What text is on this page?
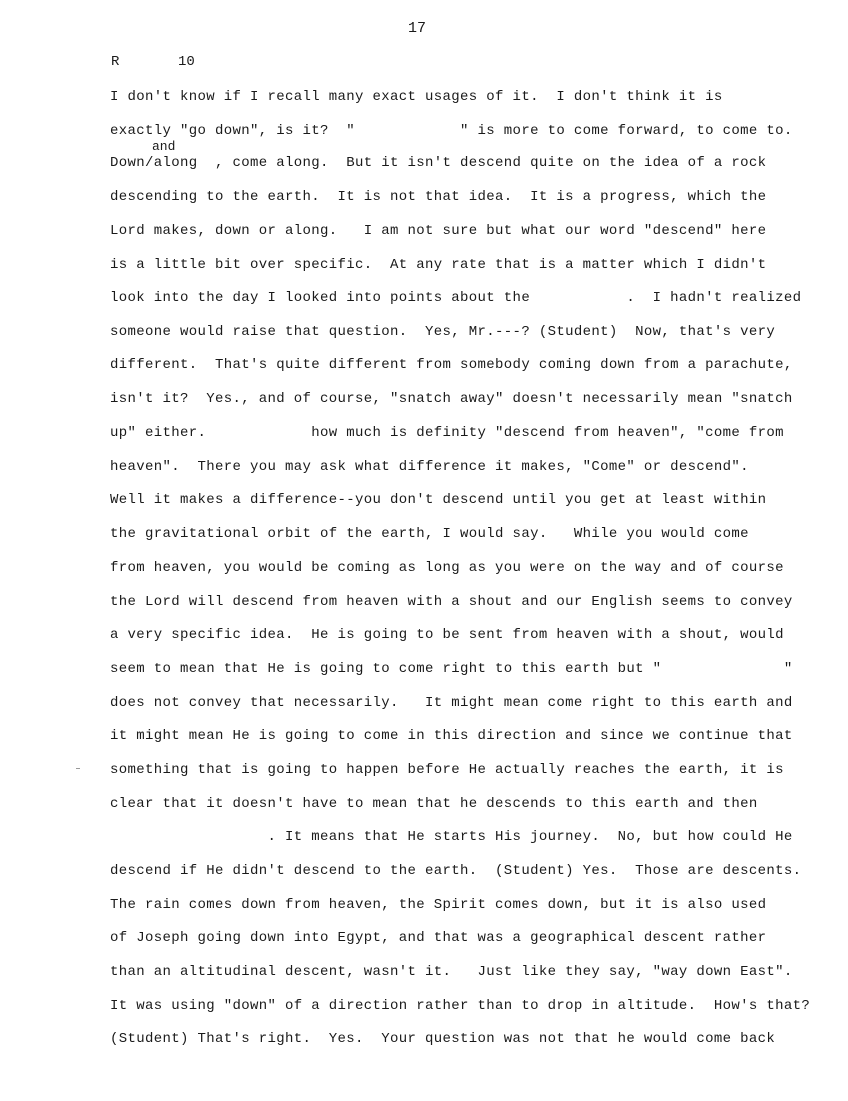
17
R	10
and
I don't know if I recall many exact usages of it.  I don't think it is
exactly "go down", is it?  "            " is more to come forward, to come to.
Down/along  , come along.  But it isn't descend quite on the idea of a rock
descending to the earth.  It is not that idea.  It is a progress, which the
Lord makes, down or along.   I am not sure but what our word "descend" here
is a little bit over specific.  At any rate that is a matter which I didn't
look into the day I looked into points about the           .  I hadn't realized
someone would raise that question.  Yes, Mr.---? (Student)  Now, that's very
different.  That's quite different from somebody coming down from a parachute,
isn't it?  Yes., and of course, "snatch away" doesn't necessarily mean "snatch
up" either.            how much is definity "descend from heaven", "come from
heaven".  There you may ask what difference it makes, "Come" or descend".
Well it makes a difference--you don't descend until you get at least within
the gravitational orbit of the earth, I would say.   While you would come
from heaven, you would be coming as long as you were on the way and of course
the Lord will descend from heaven with a shout and our English seems to convey
a very specific idea.  He is going to be sent from heaven with a shout, would
seem to mean that He is going to come right to this earth but "              "
does not convey that necessarily.   It might mean come right to this earth and
it might mean He is going to come in this direction and since we continue that
something that is going to happen before He actually reaches the earth, it is
clear that it doesn't have to mean that he descends to this earth and then
. It means that He starts His journey.  No, but how could He
descend if He didn't descend to the earth.  (Student) Yes.  Those are descents.
The rain comes down from heaven, the Spirit comes down, but it is also used
of Joseph going down into Egypt, and that was a geographical descent rather
than an altitudinal descent, wasn't it.   Just like they say, "way down East".
It was using "down" of a direction rather than to drop in altitude.  How's that?
(Student) That's right.  Yes.  Your question was not that he would come back
